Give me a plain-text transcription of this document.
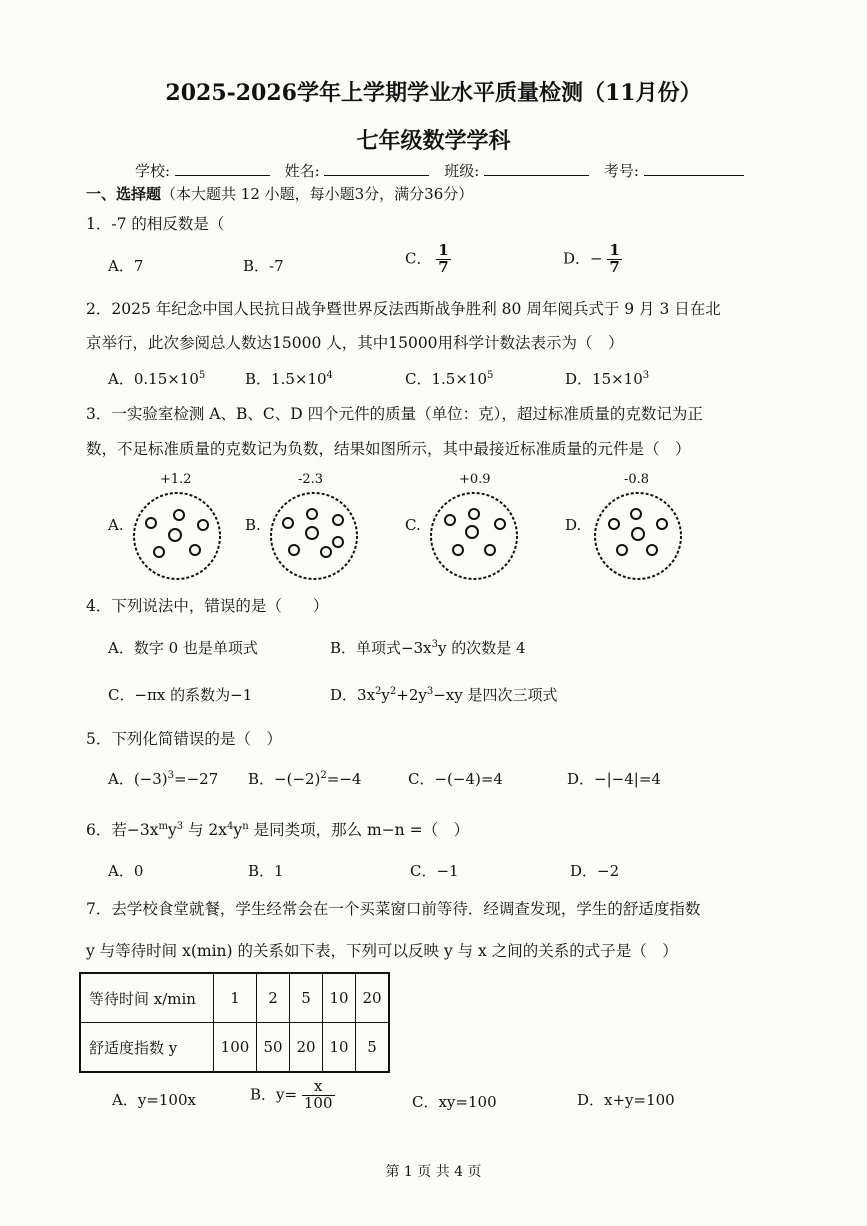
2025-2026学年上学期学业水平质量检测（11月份）
七年级数学学科
学校:	姓名:	班级:	考号:
一、选择题（本大题共 12 小题，每小题3分，满分36分）
1．-7 的相反数是（
A．7	B．-7	C． $\frac{1}{7}$	D．− $\frac{1}{7}$
2．2025 年纪念中国人民抗日战争暨世界反法西斯战争胜利 80 周年阅兵式于 9 月 3 日在北
京举行，此次参阅总人数达15000 人，其中15000用科学计数法表示为（　）
A．$0.15\times 10^5$	B．$1.5\times 10^4$	C．$1.5\times 10^5$	D．$15\times 10^3$
3．一实验室检测 A、B、C、D 四个元件的质量（单位：克），超过标准质量的克数记为正
数，不足标准质量的克数记为负数，结果如图所示，其中最接近标准质量的元件是（　）
A.
+1.2
B.
-2.3
C.
+0.9
D.
-0.8
4．下列说法中，错误的是（　　）
A．数字 0 也是单项式	B．单项式$-3x^3y$ 的次数是 4
C．−πx 的系数为−1	D．$3x^2y^2+2y^3-xy$ 是四次三项式
5．下列化简错误的是（　）
A．$(-3)^3=-27$ B．$-(-2)^2=-4$	C．−(−4)=4	D．−|−4|=4
6．若$-3x^my^3$ 与 $2x^4y^n$ 是同类项，那么 m−n =（　）
A．0	B．1	C．−1	D．−2
7．去学校食堂就餐，学生经常会在一个买菜窗口前等待．经调查发现，学生的舒适度指数
y 与等待时间 x(min) 的关系如下表，下列可以反映 y 与 x 之间的关系的式子是（　）
等待时间 x/min	1	2	5	10	20
舒适度指数 y	100	50	20	10	5
A．y=100x	B．$y= \frac{x}{100}$	C．xy=100	D．x+y=100
第 1 页 共 4 页
